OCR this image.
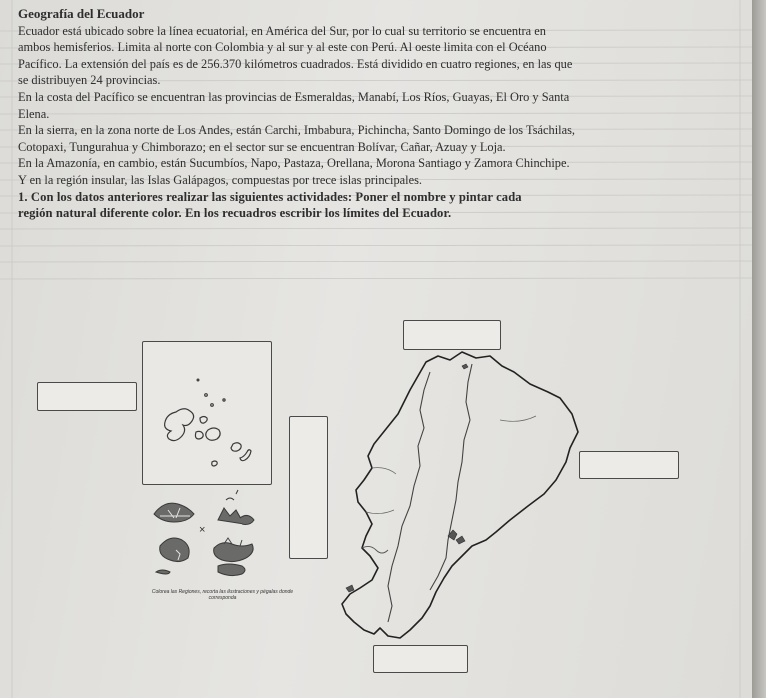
Geografía del Ecuador
Ecuador está ubicado sobre la línea ecuatorial, en América del Sur, por lo cual su territorio se encuentra en
ambos hemisferios. Limita al norte con Colombia y al sur y al este con Perú. Al oeste limita con el Océano
Pacífico. La extensión del país es de 256.370 kilómetros cuadrados. Está dividido en cuatro regiones, en las que
se distribuyen 24 provincias.
En la costa del Pacífico se encuentran las provincias de Esmeraldas, Manabí, Los Ríos, Guayas, El Oro y Santa
Elena.
En la sierra, en la zona norte de Los Andes, están Carchi, Imbabura, Pichincha, Santo Domingo de los Tsáchilas,
Cotopaxi, Tungurahua y Chimborazo; en el sector sur se encuentran Bolívar, Cañar, Azuay y Loja.
En la Amazonía, en cambio, están Sucumbíos, Napo, Pastaza, Orellana, Morona Santiago y Zamora Chinchipe.
Y en la región insular, las Islas Galápagos, compuestas por trece islas principales.
1. Con los datos anteriores realizar las siguientes actividades: Poner el nombre y pintar cada
región natural diferente color. En los recuadros escribir los límites del Ecuador.
×
Colorea las Regiones, recorta las ilustraciones y pégalas donde corresponda
